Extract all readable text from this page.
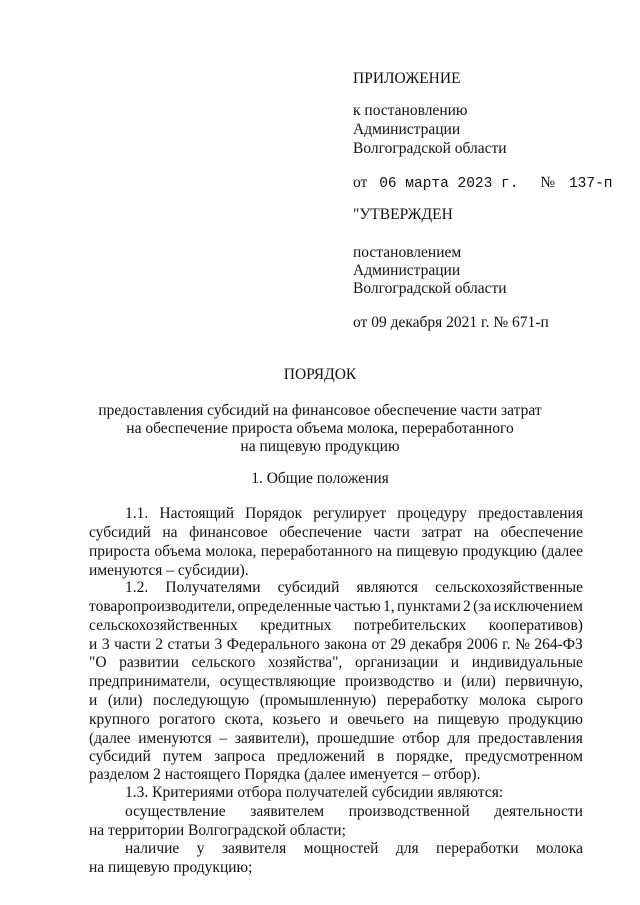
ПРИЛОЖЕНИЕ
к постановлению
Администрации
Волгоградской области
от 06 марта 2023 г. № 137-п
"УТВЕРЖДЕН
постановлением
Администрации
Волгоградской области
от 09 декабря 2021 г. № 671-п
ПОРЯДОК
предоставления субсидий на финансовое обеспечение части затрат
на обеспечение прироста объема молока, переработанного
на пищевую продукцию
1. Общие положения
1.1. Настоящий Порядок регулирует процедуру предоставления
субсидий на финансовое обеспечение части затрат на обеспечение
прироста объема молока, переработанного на пищевую продукцию (далее
именуются – субсидии).
1.2. Получателями субсидий являются сельскохозяйственные
товаропроизводители, определенные частью 1, пунктами 2 (за исключением
сельскохозяйственных кредитных потребительских кооперативов)
и 3 части 2 статьи 3 Федерального закона от 29 декабря 2006 г. № 264-ФЗ
"О развитии сельского хозяйства", организации и индивидуальные
предприниматели, осуществляющие производство и (или) первичную,
и (или) последующую (промышленную) переработку молока сырого
крупного рогатого скота, козьего и овечьего на пищевую продукцию
(далее именуются – заявители), прошедшие отбор для предоставления
субсидий путем запроса предложений в порядке, предусмотренном
разделом 2 настоящего Порядка (далее именуется – отбор).
1.3. Критериями отбора получателей субсидии являются:
осуществление заявителем производственной деятельности
на территории Волгоградской области;
наличие у заявителя мощностей для переработки молока
на пищевую продукцию;
